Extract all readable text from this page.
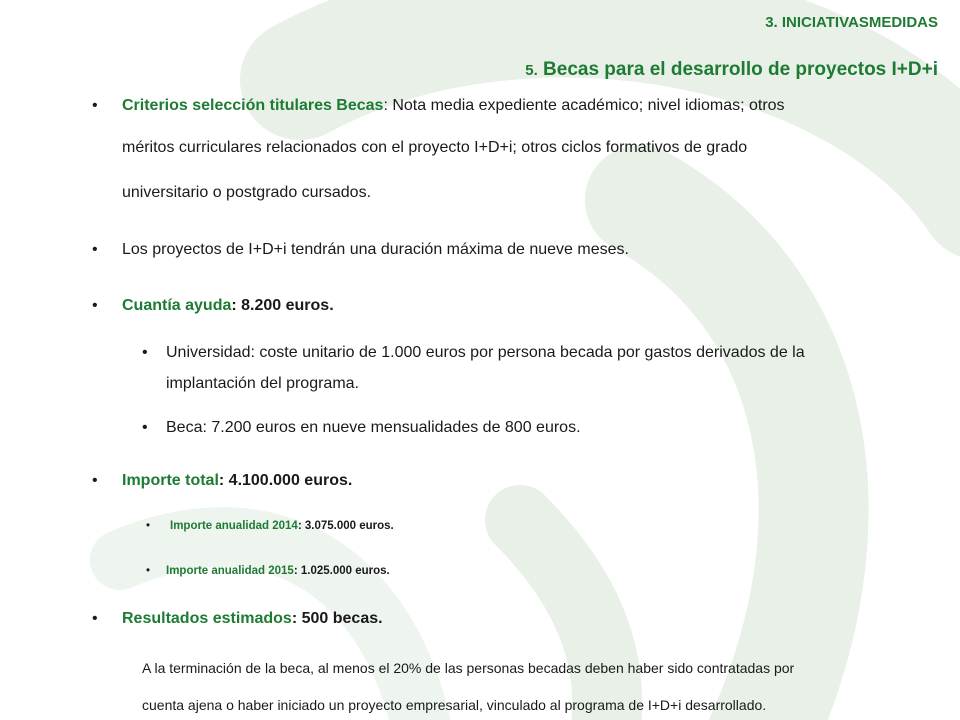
3. INICIATIVASMEDIDAS

5. Becas para el desarrollo de proyectos I+D+i

• Criterios selección titulares Becas: Nota media expediente académico; nivel idiomas; otros
méritos curriculares relacionados con el proyecto I+D+i; otros ciclos formativos de grado
universitario o postgrado cursados.
• Los proyectos de I+D+i tendrán una duración máxima de nueve meses.
• Cuantía ayuda: 8.200 euros.
• Universidad: coste unitario de 1.000 euros por persona becada por gastos derivados de la
implantación del programa.
• Beca: 7.200 euros en nueve mensualidades de 800 euros.
• Importe total: 4.100.000 euros.
• Importe anualidad 2014: 3.075.000 euros.
• Importe anualidad 2015: 1.025.000 euros.
• Resultados estimados: 500 becas.
A la terminación de la beca, al menos el 20% de las personas becadas deben haber sido contratadas por
cuenta ajena o haber iniciado un proyecto empresarial, vinculado al programa de I+D+i desarrollado.
